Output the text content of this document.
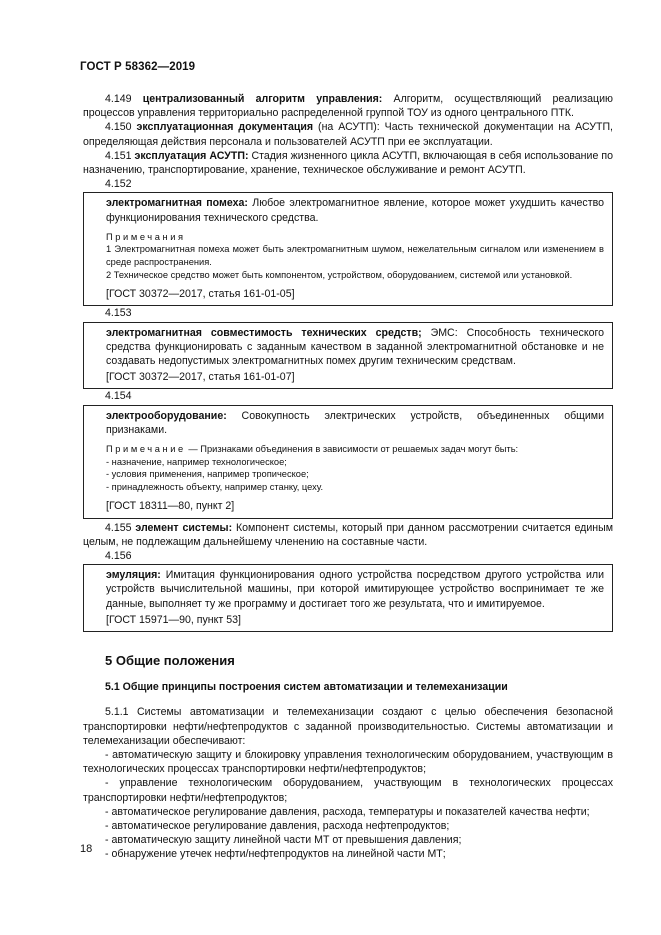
ГОСТ Р 58362—2019

4.149 централизованный алгоритм управления: Алгоритм, осуществляющий реализацию процессов управления территориально распределенной группой ТОУ из одного центрального ПТК.

4.150 эксплуатационная документация (на АСУТП): Часть технической документации на АСУТП, определяющая действия персонала и пользователей АСУТП при ее эксплуатации.

4.151 эксплуатация АСУТП: Стадия жизненного цикла АСУТП, включающая в себя использование по назначению, транспортирование, хранение, техническое обслуживание и ремонт АСУТП.

4.152

электромагнитная помеха: Любое электромагнитное явление, которое может ухудшить качество функционирования технического средства.

Примечания

1 Электромагнитная помеха может быть электромагнитным шумом, нежелательным сигналом или изменением в среде распространения.

2 Техническое средство может быть компонентом, устройством, оборудованием, системой или установкой.

[ГОСТ 30372—2017, статья 161-01-05]

4.153

электромагнитная совместимость технических средств; ЭМС: Способность технического средства функционировать с заданным качеством в заданной электромагнитной обстановке и не создавать недопустимых электромагнитных помех другим техническим средствам.

[ГОСТ 30372—2017, статья 161-01-07]

4.154

электрооборудование: Совокупность электрических устройств, объединенных общими признаками.

Примечание — Признаками объединения в зависимости от решаемых задач могут быть:

- назначение, например технологическое;

- условия применения, например тропическое;

- принадлежность объекту, например станку, цеху.

[ГОСТ 18311—80, пункт 2]

4.155 элемент системы: Компонент системы, который при данном рассмотрении считается единым целым, не подлежащим дальнейшему членению на составные части.

4.156

эмуляция: Имитация функционирования одного устройства посредством другого устройства или устройств вычислительной машины, при которой имитирующее устройство воспринимает те же данные, выполняет ту же программу и достигает того же результата, что и имитируемое.

[ГОСТ 15971—90, пункт 53]

5 Общие положения

5.1 Общие принципы построения систем автоматизации и телемеханизации

5.1.1 Системы автоматизации и телемеханизации создают с целью обеспечения безопасной транспортировки нефти/нефтепродуктов с заданной производительностью. Системы автоматизации и телемеханизации обеспечивают:

- автоматическую защиту и блокировку управления технологическим оборудованием, участвующим в технологических процессах транспортировки нефти/нефтепродуктов;

- управление технологическим оборудованием, участвующим в технологических процессах транспортировки нефти/нефтепродуктов;

- автоматическое регулирование давления, расхода, температуры и показателей качества нефти;

- автоматическое регулирование давления, расхода нефтепродуктов;

- автоматическую защиту линейной части МТ от превышения давления;

- обнаружение утечек нефти/нефтепродуктов на линейной части МТ;

18
